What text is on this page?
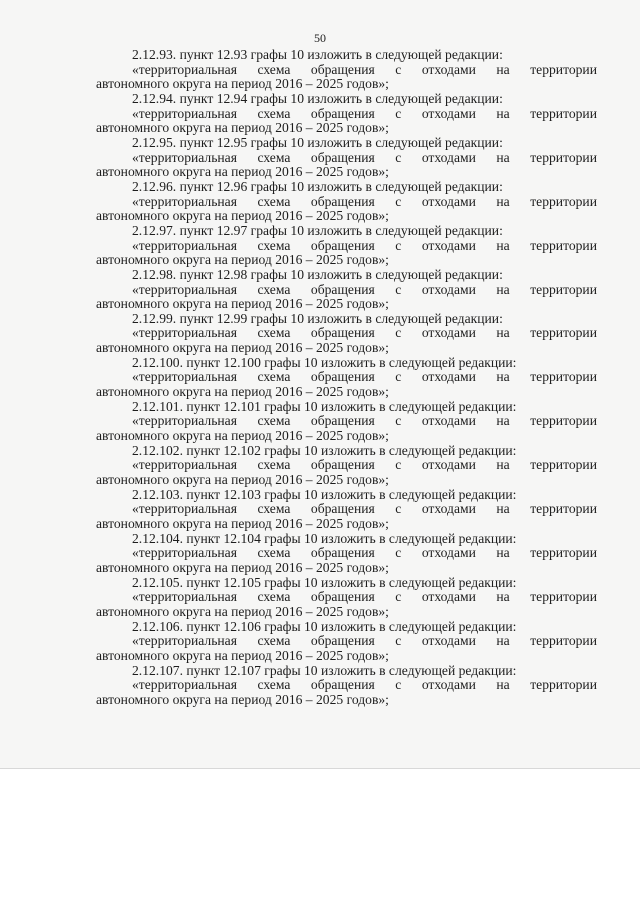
50
2.12.93. пункт 12.93 графы 10 изложить в следующей редакции:
«территориальная схема обращения с отходами на территории
автономного округа на период 2016 – 2025 годов»;
2.12.94. пункт 12.94 графы 10 изложить в следующей редакции:
«территориальная схема обращения с отходами на территории
автономного округа на период 2016 – 2025 годов»;
2.12.95. пункт 12.95 графы 10 изложить в следующей редакции:
«территориальная схема обращения с отходами на территории
автономного округа на период 2016 – 2025 годов»;
2.12.96. пункт 12.96 графы 10 изложить в следующей редакции:
«территориальная схема обращения с отходами на территории
автономного округа на период 2016 – 2025 годов»;
2.12.97. пункт 12.97 графы 10 изложить в следующей редакции:
«территориальная схема обращения с отходами на территории
автономного округа на период 2016 – 2025 годов»;
2.12.98. пункт 12.98 графы 10 изложить в следующей редакции:
«территориальная схема обращения с отходами на территории
автономного округа на период 2016 – 2025 годов»;
2.12.99. пункт 12.99 графы 10 изложить в следующей редакции:
«территориальная схема обращения с отходами на территории
автономного округа на период 2016 – 2025 годов»;
2.12.100. пункт 12.100 графы 10 изложить в следующей редакции:
«территориальная схема обращения с отходами на территории
автономного округа на период 2016 – 2025 годов»;
2.12.101. пункт 12.101 графы 10 изложить в следующей редакции:
«территориальная схема обращения с отходами на территории
автономного округа на период 2016 – 2025 годов»;
2.12.102. пункт 12.102 графы 10 изложить в следующей редакции:
«территориальная схема обращения с отходами на территории
автономного округа на период 2016 – 2025 годов»;
2.12.103. пункт 12.103 графы 10 изложить в следующей редакции:
«территориальная схема обращения с отходами на территории
автономного округа на период 2016 – 2025 годов»;
2.12.104. пункт 12.104 графы 10 изложить в следующей редакции:
«территориальная схема обращения с отходами на территории
автономного округа на период 2016 – 2025 годов»;
2.12.105. пункт 12.105 графы 10 изложить в следующей редакции:
«территориальная схема обращения с отходами на территории
автономного округа на период 2016 – 2025 годов»;
2.12.106. пункт 12.106 графы 10 изложить в следующей редакции:
«территориальная схема обращения с отходами на территории
автономного округа на период 2016 – 2025 годов»;
2.12.107. пункт 12.107 графы 10 изложить в следующей редакции:
«территориальная схема обращения с отходами на территории
автономного округа на период 2016 – 2025 годов»;
